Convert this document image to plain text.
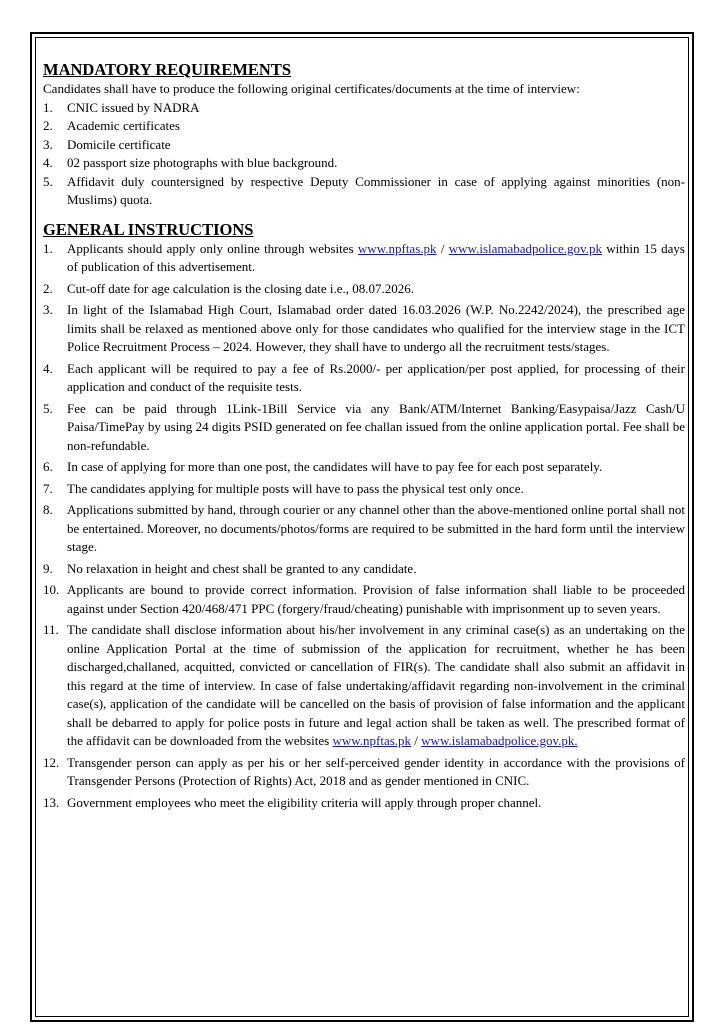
MANDATORY REQUIREMENTS

Candidates shall have to produce the following original certificates/documents at the time of interview:

1. CNIC issued by NADRA
2. Academic certificates
3. Domicile certificate
4. 02 passport size photographs with blue background.
5. Affidavit duly countersigned by respective Deputy Commissioner in case of applying against minorities (non-Muslims) quota.
GENERAL INSTRUCTIONS
1. Applicants should apply only online through websites www.npftas.pk / www.islamabadpolice.gov.pk within 15 days of publication of this advertisement.
2. Cut-off date for age calculation is the closing date i.e., 08.07.2026.
3. In light of the Islamabad High Court, Islamabad order dated 16.03.2026 (W.P. No.2242/2024), the prescribed age limits shall be relaxed as mentioned above only for those candidates who qualified for the interview stage in the ICT Police Recruitment Process – 2024. However, they shall have to undergo all the recruitment tests/stages.
4. Each applicant will be required to pay a fee of Rs.2000/- per application/per post applied, for processing of their application and conduct of the requisite tests.
5. Fee can be paid through 1Link-1Bill Service via any Bank/ATM/Internet Banking/Easypaisa/Jazz Cash/U Paisa/TimePay by using 24 digits PSID generated on fee challan issued from the online application portal. Fee shall be non-refundable.
6. In case of applying for more than one post, the candidates will have to pay fee for each post separately.
7. The candidates applying for multiple posts will have to pass the physical test only once.
8. Applications submitted by hand, through courier or any channel other than the above-mentioned online portal shall not be entertained. Moreover, no documents/photos/forms are required to be submitted in the hard form until the interview stage.
9. No relaxation in height and chest shall be granted to any candidate.
10. Applicants are bound to provide correct information. Provision of false information shall liable to be proceeded against under Section 420/468/471 PPC (forgery/fraud/cheating) punishable with imprisonment up to seven years.
11. The candidate shall disclose information about his/her involvement in any criminal case(s) as an undertaking on the online Application Portal at the time of submission of the application for recruitment, whether he has been discharged,challaned, acquitted, convicted or cancellation of FIR(s). The candidate shall also submit an affidavit in this regard at the time of interview. In case of false undertaking/affidavit regarding non-involvement in the criminal case(s), application of the candidate will be cancelled on the basis of provision of false information and the applicant shall be debarred to apply for police posts in future and legal action shall be taken as well. The prescribed format of the affidavit can be downloaded from the websites www.npftas.pk / www.islamabadpolice.gov.pk.
12. Transgender person can apply as per his or her self-perceived gender identity in accordance with the provisions of Transgender Persons (Protection of Rights) Act, 2018 and as gender mentioned in CNIC.
13. Government employees who meet the eligibility criteria will apply through proper channel.
